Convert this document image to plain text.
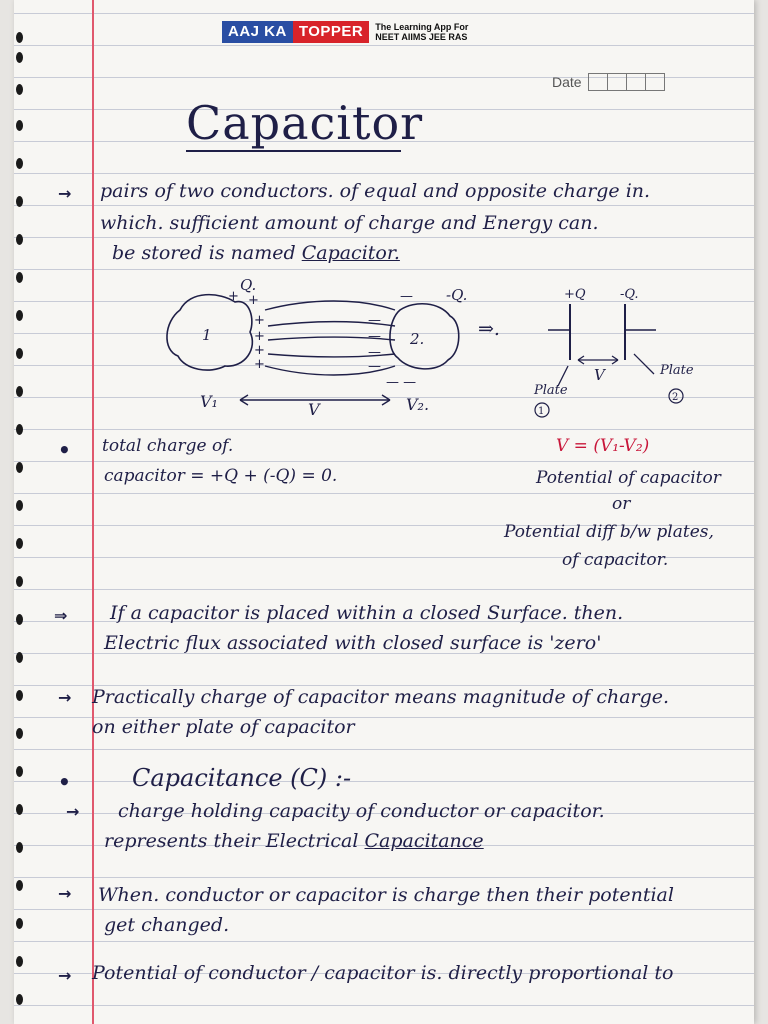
AAJ KA TOPPER	The Learning App For
NEET AIIMS JEE RAS
Date
Capacitor
→ pairs of two conductors. of equal and opposite charge in.
which. sufficient amount of charge and Energy can.
be stored is named Capacitor.
+ +
+
+
+
+
—
—
—
—
—
— —
Q.
-Q.
1	2.
V₁	V	V₂.
⇒.
+Q	-Q.
V
Plate
Plate
1
2
• total charge of.
capacitor = +Q + (-Q) = 0.
V = (V₁-V₂)
Potential of capacitor
or
Potential diff b/w plates,
of capacitor.
⇒ If a capacitor is placed within a closed Surface. then.
Electric flux associated with closed surface is 'zero'
→ Practically charge of capacitor means magnitude of charge.
on either plate of capacitor
•	Capacitance (C) :-
→ charge holding capacity of conductor or capacitor.
represents their Electrical Capacitance
→ When. conductor or capacitor is charge then their potential
get changed.
→ Potential of conductor / capacitor is. directly proportional to
